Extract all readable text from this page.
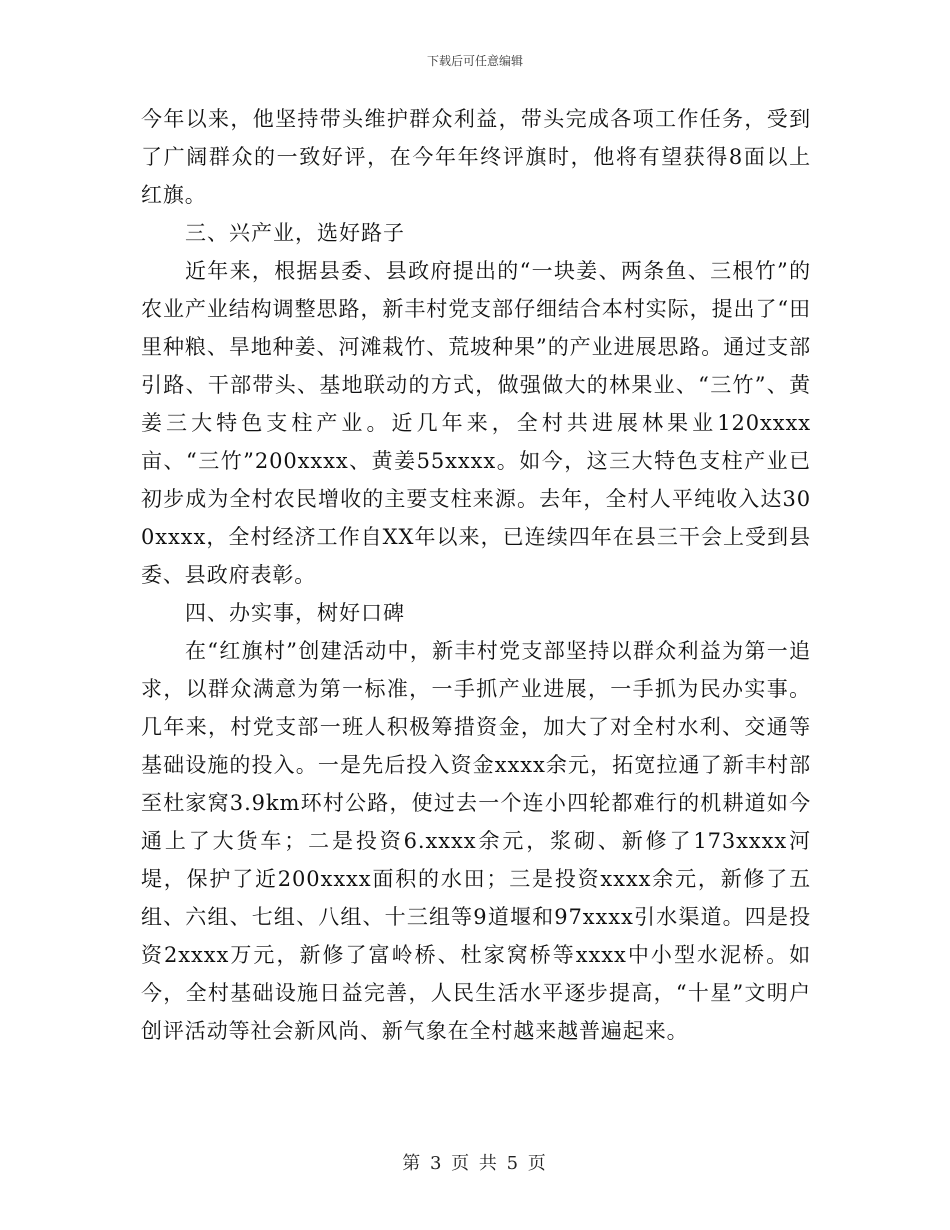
下载后可任意编辑

今年以来，他坚持带头维护群众利益，带头完成各项工作任务，受到了广阔群众的一致好评，在今年年终评旗时，他将有望获得8面以上红旗。

三、兴产业，选好路子

近年来，根据县委、县政府提出的“一块姜、两条鱼、三根竹”的农业产业结构调整思路，新丰村党支部仔细结合本村实际，提出了“田里种粮、旱地种姜、河滩栽竹、荒坡种果”的产业进展思路。通过支部引路、干部带头、基地联动的方式，做强做大的林果业、“三竹”、黄姜三大特色支柱产业。近几年来，全村共进展林果业120xxxx亩、“三竹”200xxxx、黄姜55xxxx。如今，这三大特色支柱产业已初步成为全村农民增收的主要支柱来源。去年，全村人平纯收入达300xxxx，全村经济工作自XX年以来，已连续四年在县三干会上受到县委、县政府表彰。

四、办实事，树好口碑

在“红旗村”创建活动中，新丰村党支部坚持以群众利益为第一追求，以群众满意为第一标准，一手抓产业进展，一手抓为民办实事。几年来，村党支部一班人积极筹措资金，加大了对全村水利、交通等基础设施的投入。一是先后投入资金xxxx余元，拓宽拉通了新丰村部至杜家窝3.9km环村公路，使过去一个连小四轮都难行的机耕道如今通上了大货车；二是投资6.xxxx余元，浆砌、新修了173xxxx河堤，保护了近200xxxx面积的水田；三是投资xxxx余元，新修了五组、六组、七组、八组、十三组等9道堰和97xxxx引水渠道。四是投资2xxxx万元，新修了富岭桥、杜家窝桥等xxxx中小型水泥桥。如今，全村基础设施日益完善，人民生活水平逐步提高，“十星”文明户创评活动等社会新风尚、新气象在全村越来越普遍起来。

第 3 页 共 5 页
